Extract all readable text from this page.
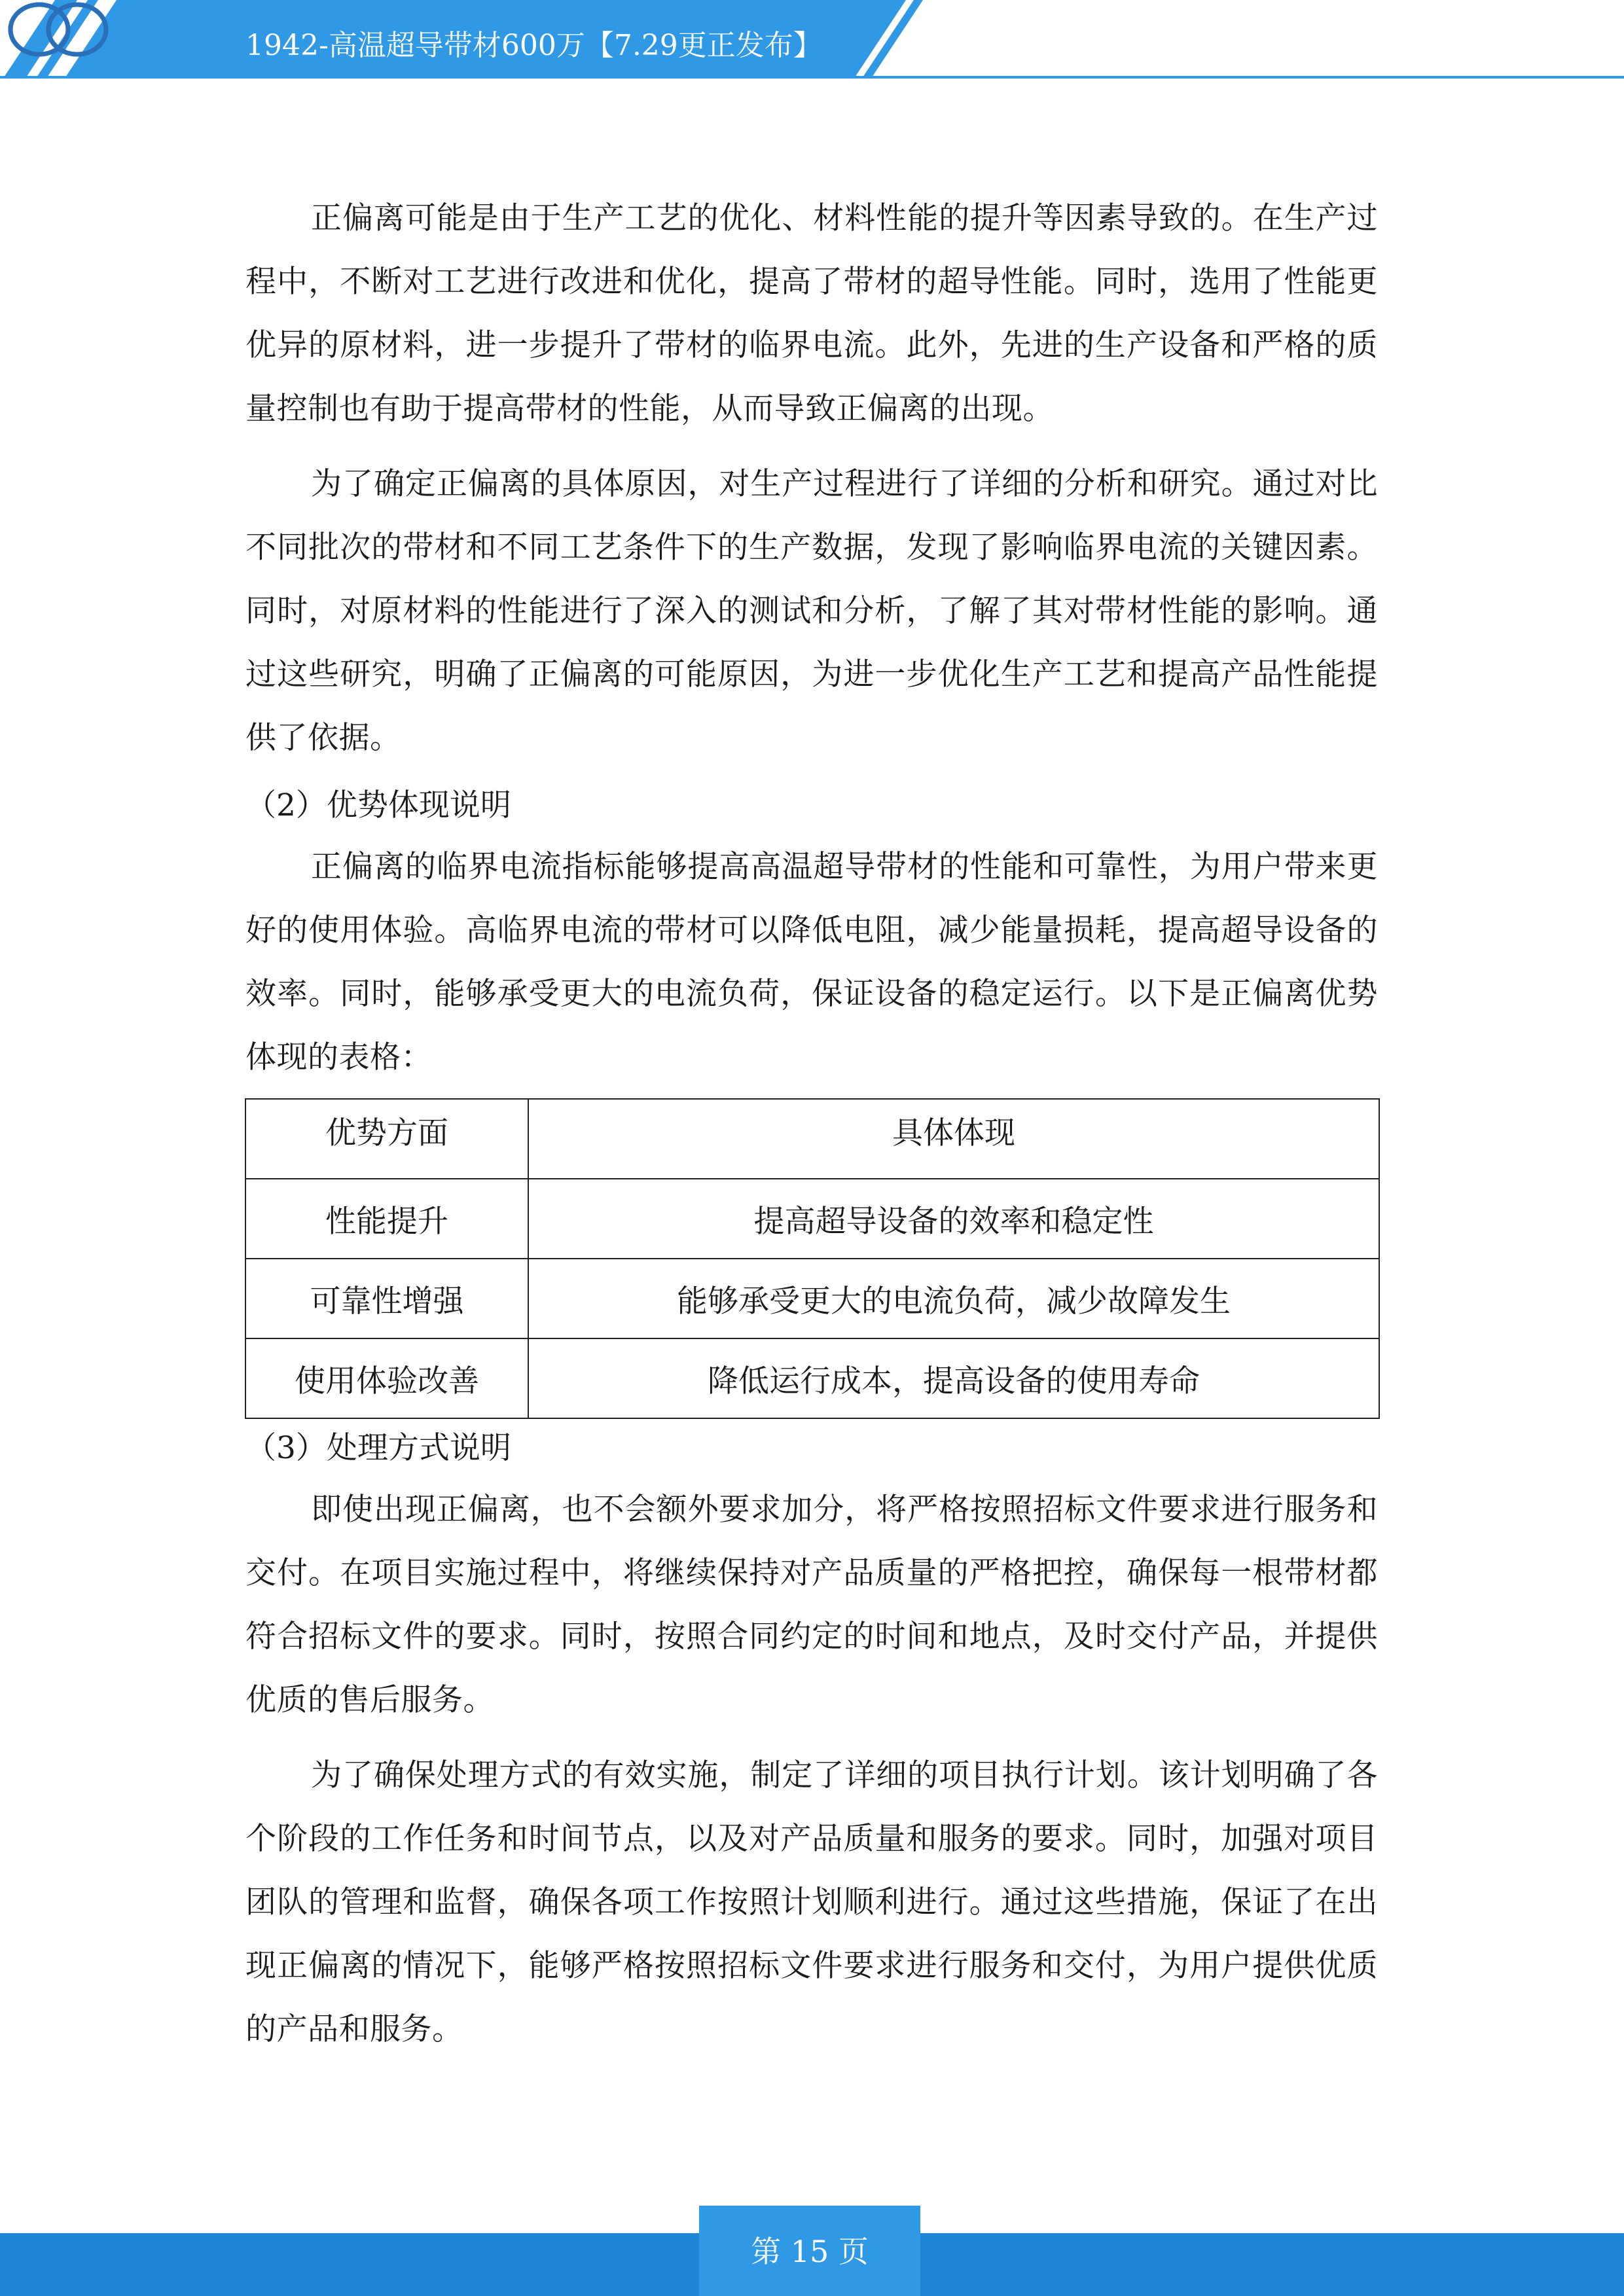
1942-高温超导带材600万【7.29更正发布】

正偏离可能是由于生产工艺的优化、材料性能的提升等因素导致的。在生产过程中，不断对工艺进行改进和优化，提高了带材的超导性能。同时，选用了性能更优异的原材料，进一步提升了带材的临界电流。此外，先进的生产设备和严格的质量控制也有助于提高带材的性能，从而导致正偏离的出现。

为了确定正偏离的具体原因，对生产过程进行了详细的分析和研究。通过对比不同批次的带材和不同工艺条件下的生产数据，发现了影响临界电流的关键因素。同时，对原材料的性能进行了深入的测试和分析，了解了其对带材性能的影响。通过这些研究，明确了正偏离的可能原因，为进一步优化生产工艺和提高产品性能提供了依据。

（2）优势体现说明

正偏离的临界电流指标能够提高高温超导带材的性能和可靠性，为用户带来更好的使用体验。高临界电流的带材可以降低电阻，减少能量损耗，提高超导设备的效率。同时，能够承受更大的电流负荷，保证设备的稳定运行。以下是正偏离优势体现的表格：

优势方面	具体体现
性能提升	提高超导设备的效率和稳定性
可靠性增强	能够承受更大的电流负荷，减少故障发生
使用体验改善	降低运行成本，提高设备的使用寿命

（3）处理方式说明

即使出现正偏离，也不会额外要求加分，将严格按照招标文件要求进行服务和交付。在项目实施过程中，将继续保持对产品质量的严格把控，确保每一根带材都符合招标文件的要求。同时，按照合同约定的时间和地点，及时交付产品，并提供优质的售后服务。

为了确保处理方式的有效实施，制定了详细的项目执行计划。该计划明确了各个阶段的工作任务和时间节点，以及对产品质量和服务的要求。同时，加强对项目团队的管理和监督，确保各项工作按照计划顺利进行。通过这些措施，保证了在出现正偏离的情况下，能够严格按照招标文件要求进行服务和交付，为用户提供优质的产品和服务。

第 15 页
